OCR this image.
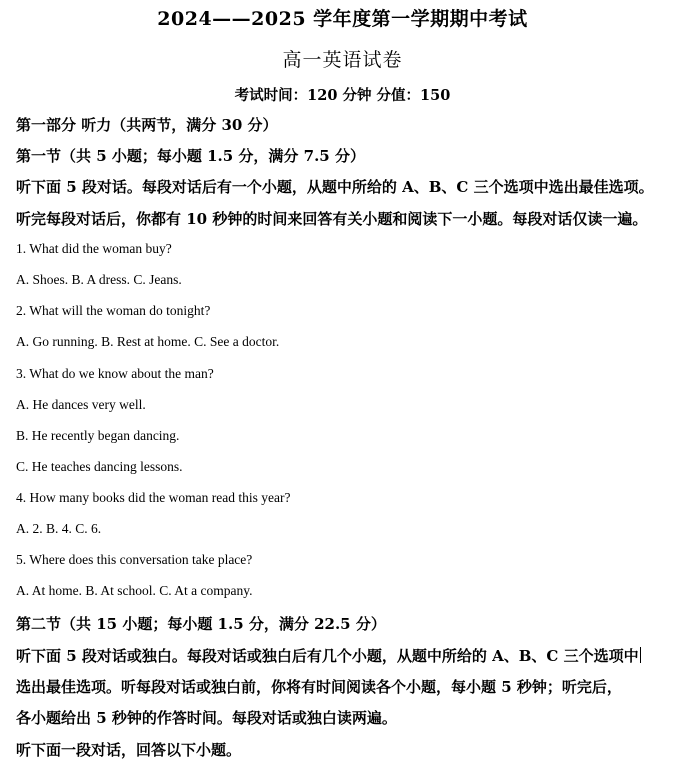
2024——2025 学年度第一学期期中考试
高一英语试卷
考试时间：120 分钟 分值：150
第一部分 听力（共两节，满分 30 分）
第一节（共 5 小题；每小题 1.5 分，满分 7.5 分）
听下面 5 段对话。每段对话后有一个小题，从题中所给的 A、B、C 三个选项中选出最佳选项。
听完每段对话后，你都有 10 秒钟的时间来回答有关小题和阅读下一小题。每段对话仅读一遍。
1. What did the woman buy?
A. Shoes. B. A dress. C. Jeans.
2. What will the woman do tonight?
A. Go running. B. Rest at home. C. See a doctor.
3. What do we know about the man?
A. He dances very well.
B. He recently began dancing.
C. He teaches dancing lessons.
4. How many books did the woman read this year?
A. 2. B. 4. C. 6.
5. Where does this conversation take place?
A. At home. B. At school. C. At a company.
第二节（共 15 小题；每小题 1.5 分，满分 22.5 分）
听下面 5 段对话或独白。每段对话或独白后有几个小题，从题中所给的 A、B、C 三个选项中
选出最佳选项。听每段对话或独白前，你将有时间阅读各个小题，每小题 5 秒钟；听完后，
各小题给出 5 秒钟的作答时间。每段对话或独白读两遍。
听下面一段对话，回答以下小题。
